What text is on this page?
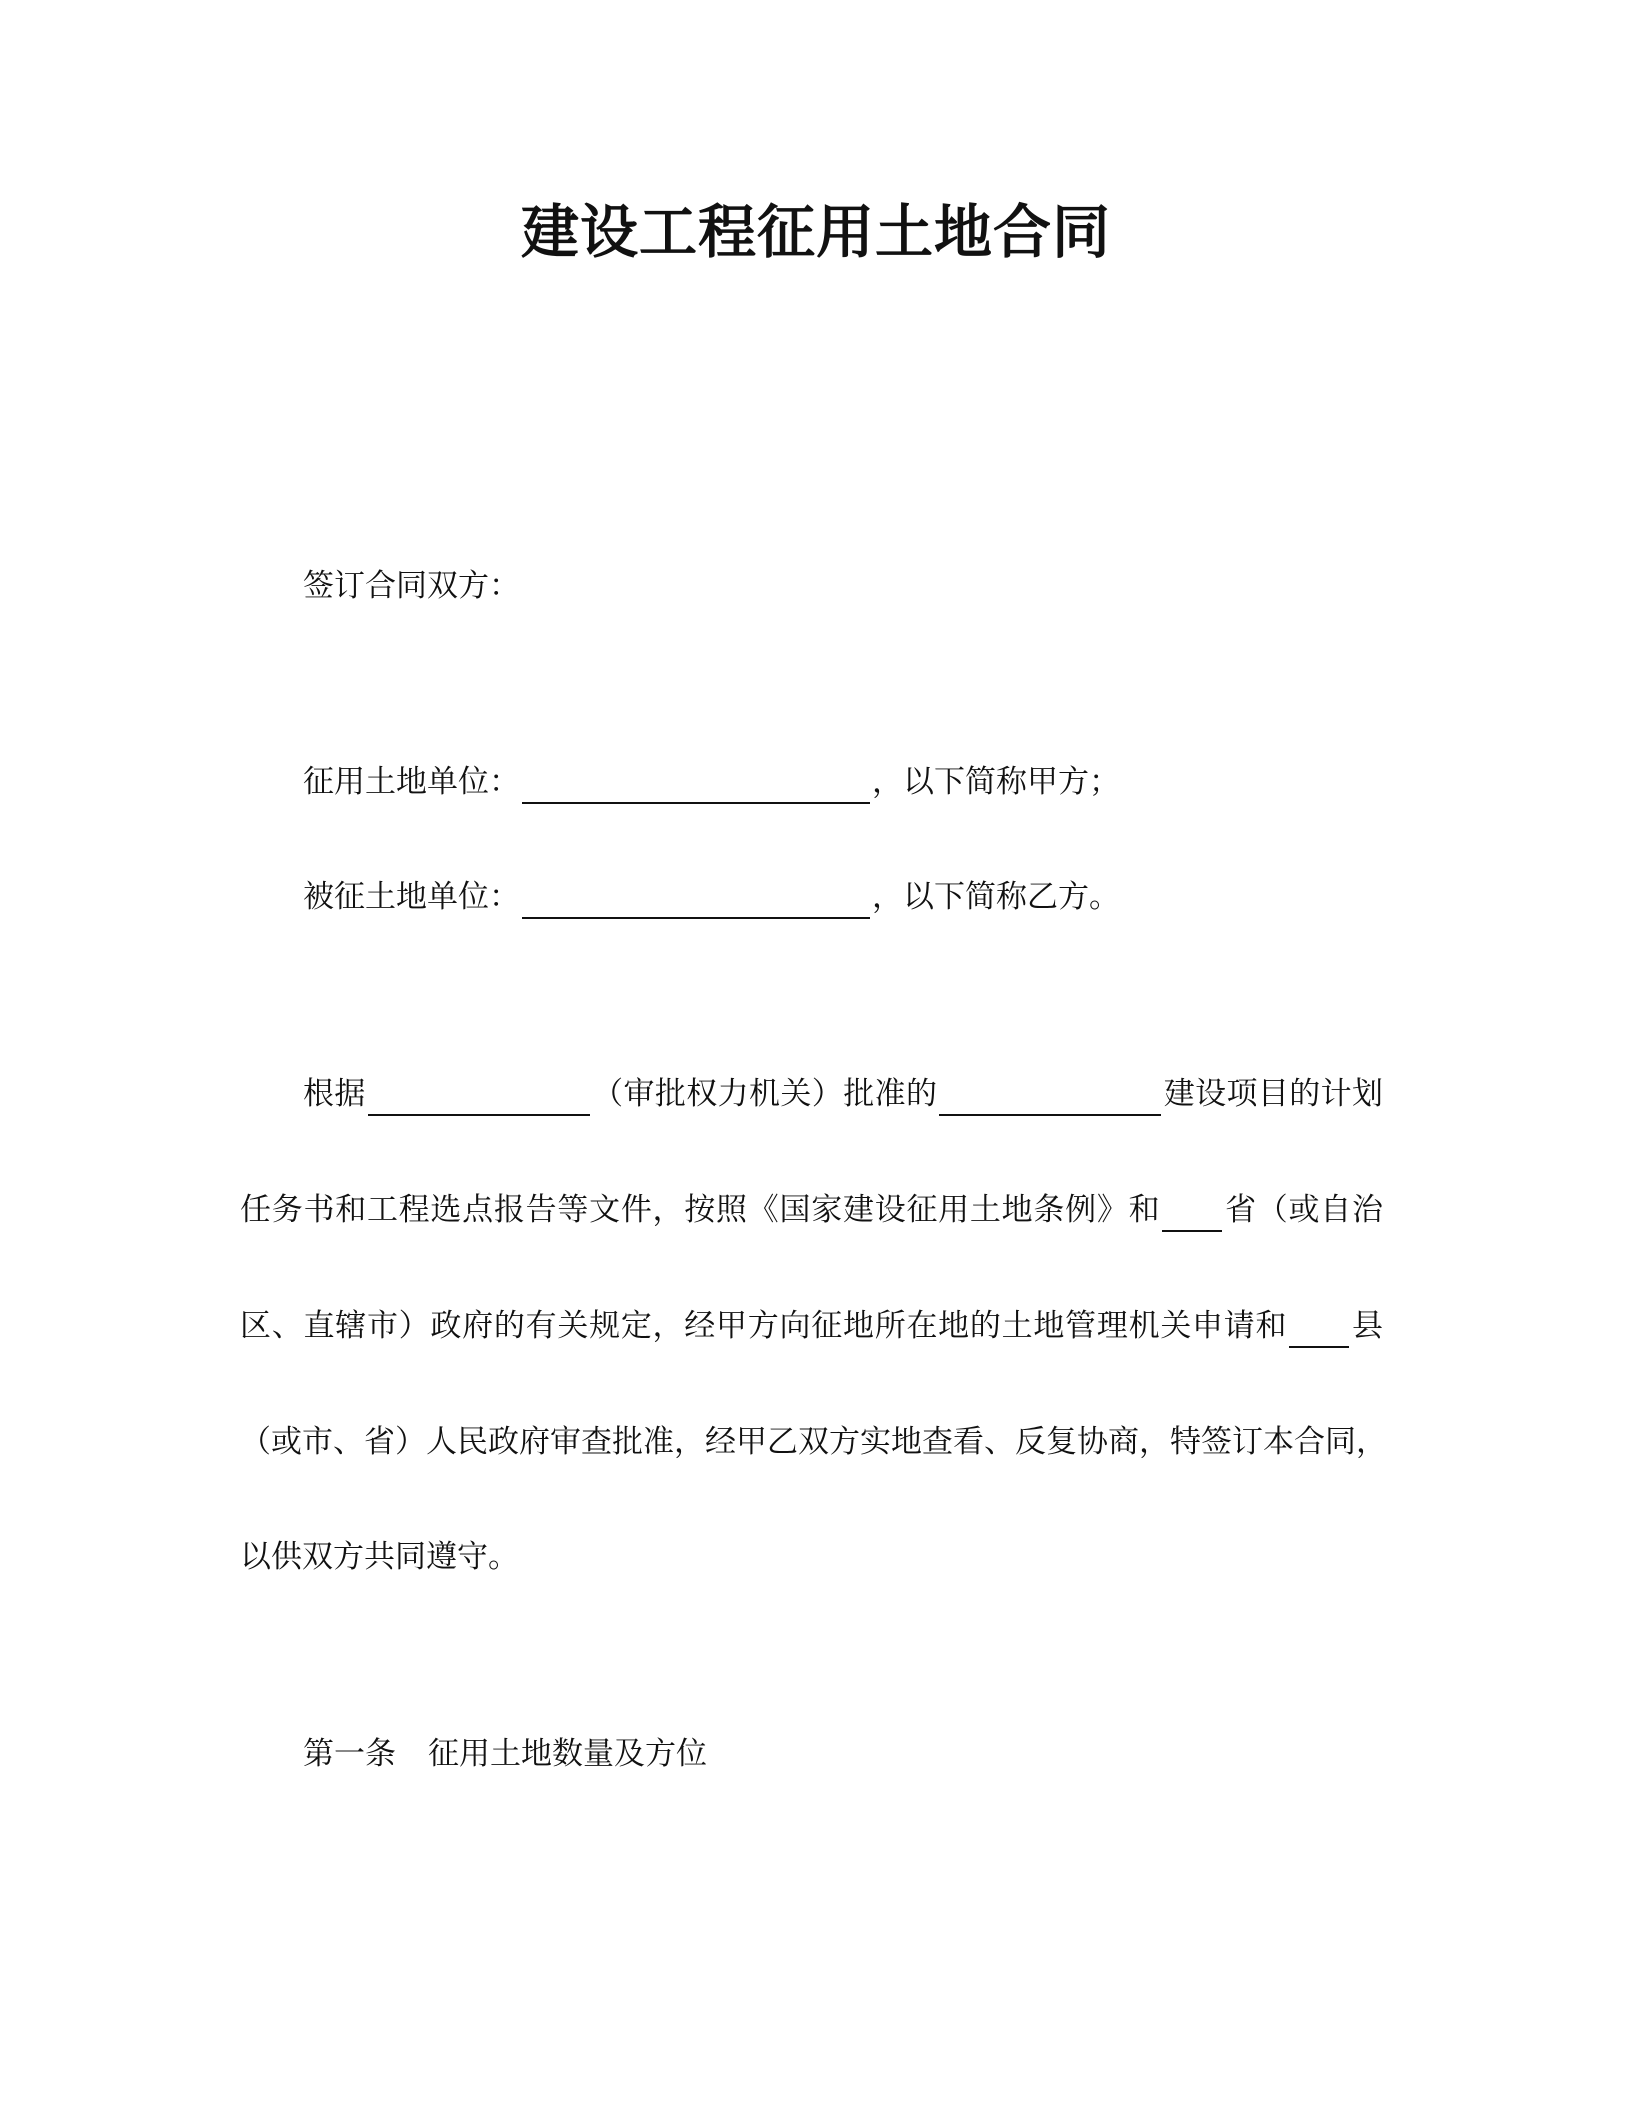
建设工程征用土地合同
签订合同双方：
征用土地单位：	，以下简称甲方；
被征土地单位：	，以下简称乙方。
根据	（审批权力机关）批准的	建设项目的计划
任务书和工程选点报告等文件，按照《国家建设征用土地条例》和 省（或自治
区、直辖市）政府的有关规定，经甲方向征地所在地的土地管理机关申请和 县
（或市、省）人民政府审查批准，经甲乙双方实地查看、反复协商，特签订本合同，
以供双方共同遵守。
第一条 征用土地数量及方位
